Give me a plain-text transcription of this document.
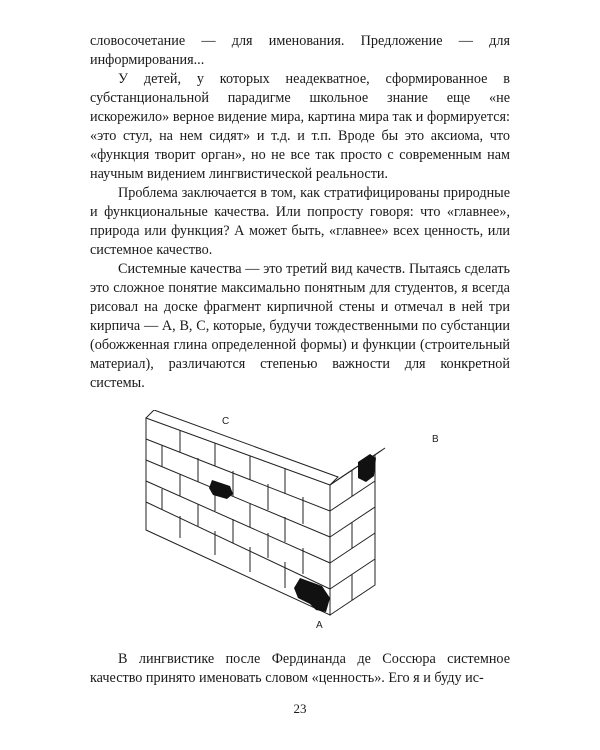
словосочетание — для именования. Предложение — для информирования...

У детей, у которых неадекватное, сформированное в субстанциональной парадигме школьное знание еще «не искорежило» верное видение мира, картина мира так и формируется: «это стул, на нем сидят» и т.д. и т.п. Вроде бы это аксиома, что «функция творит орган», но не все так просто с современным нам научным видением лингвистической реальности.

Проблема заключается в том, как стратифицированы природные и функциональные качества. Или попросту говоря: что «главнее», природа или функция? А может быть, «главнее» всех ценность, или системное качество.

Системные качества — это третий вид качеств. Пытаясь сделать это сложное понятие максимально понятным для студентов, я всегда рисовал на доске фрагмент кирпичной стены и отмечал в ней три кирпича — А, В, С, которые, будучи тождественными по субстанции (обожженная глина определенной формы) и функции (строительный материал), различаются степенью важности для конкретной системы.

C
B
A

В лингвистике после Фердинанда де Соссюра системное качество принято именовать словом «ценность». Его я и буду ис-

23
